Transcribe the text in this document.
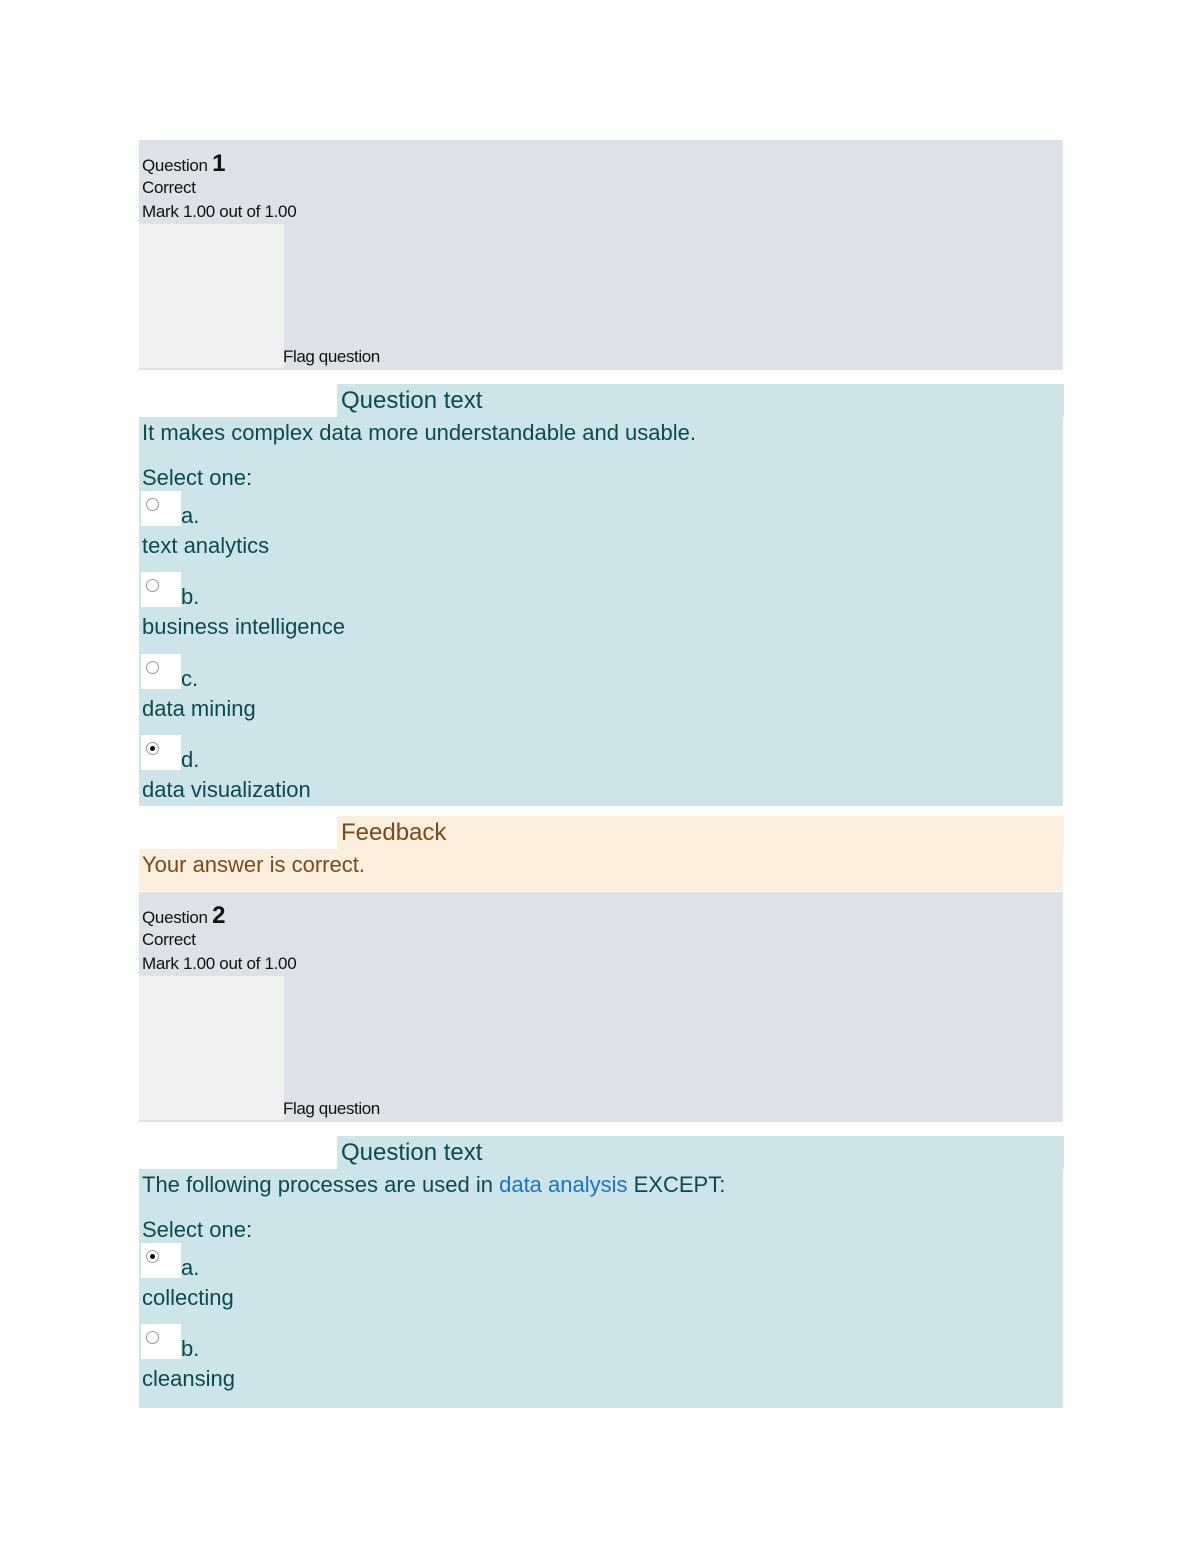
Question 1
Correct
Mark 1.00 out of 1.00
Flag question
Question text
It makes complex data more understandable and usable.
Select one:
a.
text analytics
b.
business intelligence
c.
data mining
d.
data visualization
Feedback
Your answer is correct.
Question 2
Correct
Mark 1.00 out of 1.00
Flag question
Question text
The following processes are used in data analysis EXCEPT:
Select one:
a.
collecting
b.
cleansing
